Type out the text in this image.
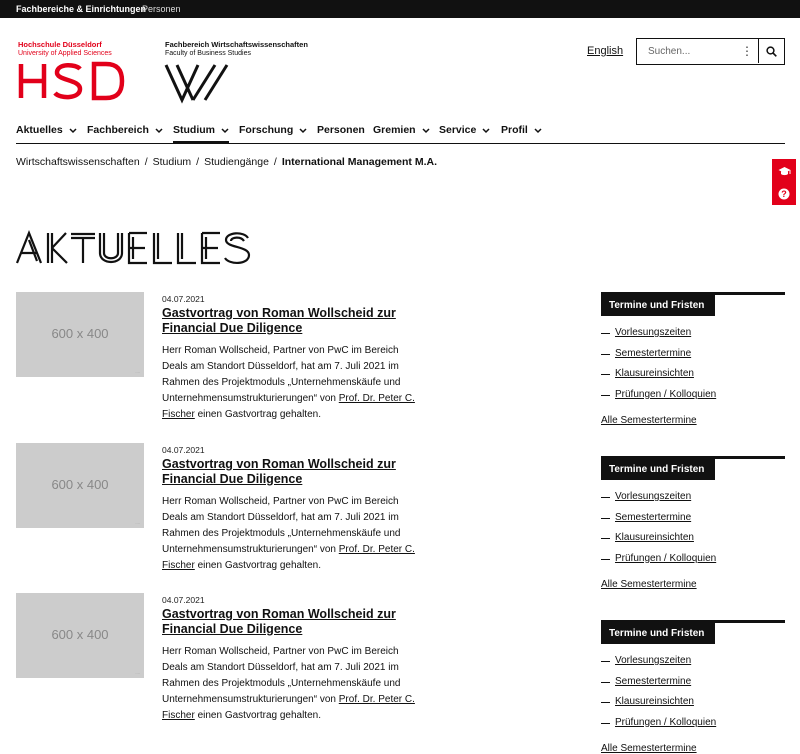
Fachbereiche & Einrichtungen
Personen
Hochschule Düsseldorf
University of Applied Sciences
Fachbereich Wirtschaftswissenschaften
Faculty of Business Studies	English
Suchen...	⋮
Aktuelles Fachbereich Studium Forschung Personen Gremien Service Profil
Wirtschaftswissenschaften / Studium / Studiengänge / International Management M.A.
?
600 x 400
····
04.07.2021
Gastvortrag von Roman Wollscheid zur Financial Due Diligence
Herr Roman Wollscheid, Partner von PwC im Bereich Deals am Standort Düsseldorf, hat am 7. Juli 2021 im Rahmen des Projektmoduls „Unternehmenskäufe und Unternehmensumstrukturierungen“ von Prof. Dr. Peter C. Fischer einen Gastvortrag gehalten.
600 x 400
····
04.07.2021
Gastvortrag von Roman Wollscheid zur Financial Due Diligence
Herr Roman Wollscheid, Partner von PwC im Bereich Deals am Standort Düsseldorf, hat am 7. Juli 2021 im Rahmen des Projektmoduls „Unternehmenskäufe und Unternehmensumstrukturierungen“ von Prof. Dr. Peter C. Fischer einen Gastvortrag gehalten.
600 x 400
····
04.07.2021
Gastvortrag von Roman Wollscheid zur Financial Due Diligence
Herr Roman Wollscheid, Partner von PwC im Bereich Deals am Standort Düsseldorf, hat am 7. Juli 2021 im Rahmen des Projektmoduls „Unternehmenskäufe und Unternehmensumstrukturierungen“ von Prof. Dr. Peter C. Fischer einen Gastvortrag gehalten.
Termine und Fristen
Vorlesungszeiten
Semestertermine
Klausureinsichten
Prüfungen / Kolloquien
Alle Semestertermine
Termine und Fristen
Vorlesungszeiten
Semestertermine
Klausureinsichten
Prüfungen / Kolloquien
Alle Semestertermine
Termine und Fristen
Vorlesungszeiten
Semestertermine
Klausureinsichten
Prüfungen / Kolloquien
Alle Semestertermine
